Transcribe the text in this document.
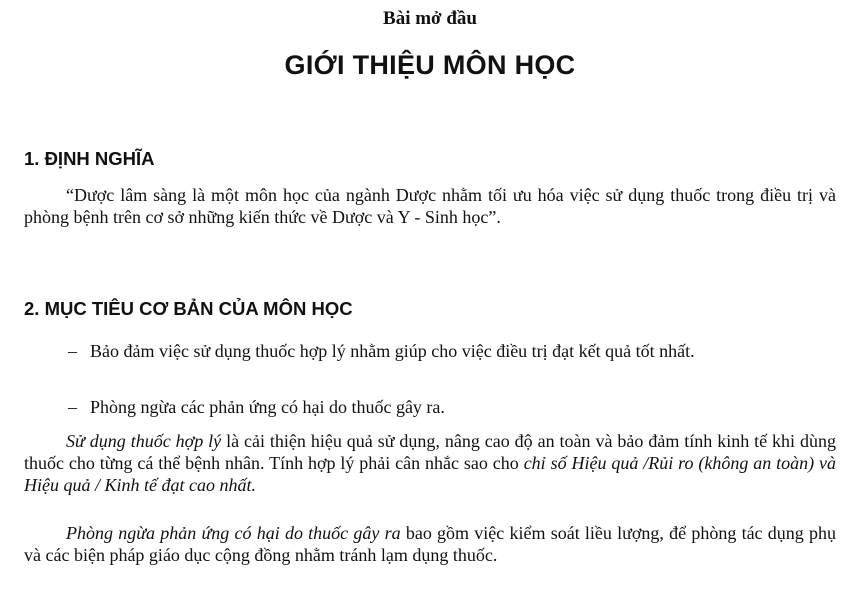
Bài mở đầu
GIỚI THIỆU MÔN HỌC
1. ĐỊNH NGHĨA
“Dược lâm sàng là một môn học của ngành Dược nhằm tối ưu hóa việc sử dụng thuốc trong điều trị và phòng bệnh trên cơ sở những kiến thức về Dược và Y - Sinh học”.
2. MỤC TIÊU CƠ BẢN CỦA MÔN HỌC
– Bảo đảm việc sử dụng thuốc hợp lý nhằm giúp cho việc điều trị đạt kết quả tốt nhất.
– Phòng ngừa các phản ứng có hại do thuốc gây ra.
Sử dụng thuốc hợp lý là cải thiện hiệu quả sử dụng, nâng cao độ an toàn và bảo đảm tính kinh tế khi dùng thuốc cho từng cá thể bệnh nhân. Tính hợp lý phải cân nhắc sao cho chỉ số Hiệu quả /Rủi ro (không an toàn) và Hiệu quả / Kinh tế đạt cao nhất.
Phòng ngừa phản ứng có hại do thuốc gây ra bao gồm việc kiểm soát liều lượng, để phòng tác dụng phụ và các biện pháp giáo dục cộng đồng nhằm tránh lạm dụng thuốc.
